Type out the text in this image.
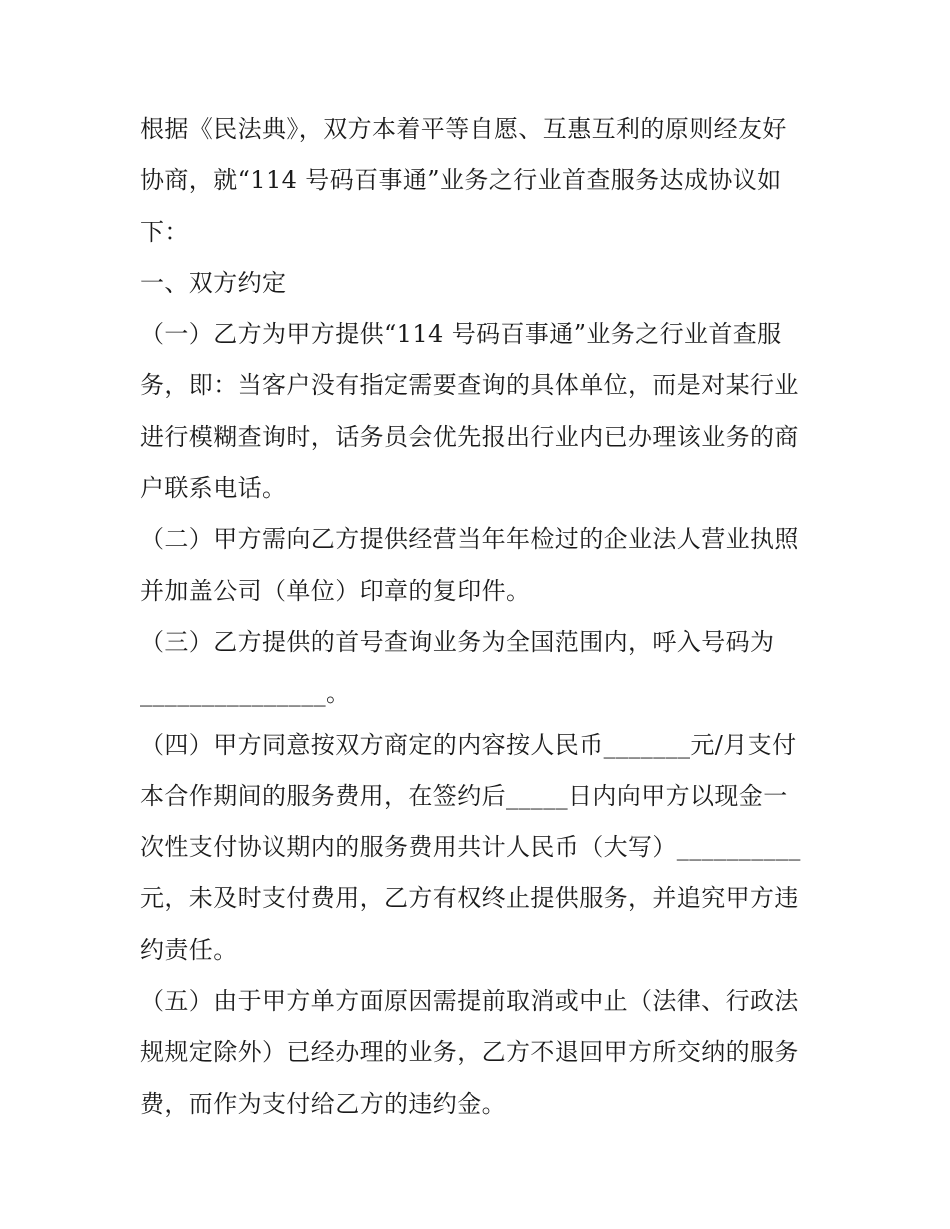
根据《民法典》，双方本着平等自愿、互惠互利的原则经友好
协商，就“114 号码百事通”业务之行业首查服务达成协议如
下：
一、双方约定
（一）乙方为甲方提供“114 号码百事通”业务之行业首查服
务，即：当客户没有指定需要查询的具体单位，而是对某行业
进行模糊查询时，话务员会优先报出行业内已办理该业务的商
户联系电话。
（二）甲方需向乙方提供经营当年年检过的企业法人营业执照
并加盖公司（单位）印章的复印件。
（三）乙方提供的首号查询业务为全国范围内，呼入号码为
_______________。
（四）甲方同意按双方商定的内容按人民币_______元/月支付
本合作期间的服务费用，在签约后_____日内向甲方以现金一
次性支付协议期内的服务费用共计人民币（大写）__________
元，未及时支付费用，乙方有权终止提供服务，并追究甲方违
约责任。
（五）由于甲方单方面原因需提前取消或中止（法律、行政法
规规定除外）已经办理的业务，乙方不退回甲方所交纳的服务
费，而作为支付给乙方的违约金。
